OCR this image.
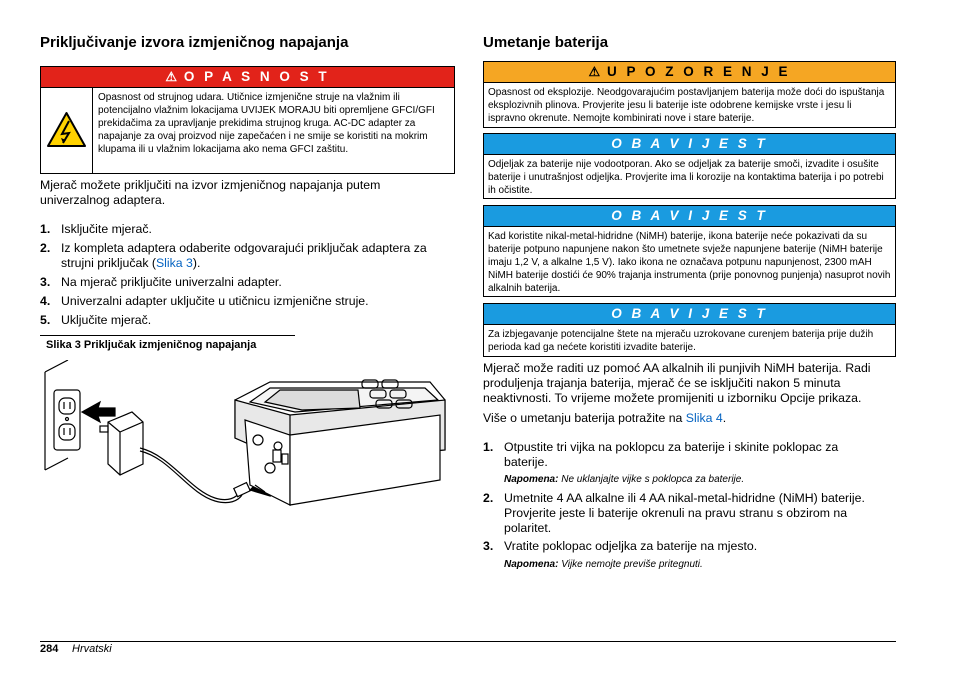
Priključivanje izvora izmjeničnog napajanja
⚠ O P A S N O S T

Opasnost od strujnog udara. Utičnice izmjenične struje na vlažnim ili potencijalno vlažnim lokacijama UVIJEK MORAJU biti opremljene GFCI/GFI prekidačima za upravljanje prekidima strujnog kruga. AC-DC adapter za napajanje za ovaj proizvod nije zapečaćen i ne smije se koristiti na mokrim klupama ili u vlažnim lokacijama ako nema GFCI zaštitu.

Mjerač možete priključiti na izvor izmjeničnog napajanja putem univerzalnog adaptera.

1. Isključite mjerač.
2. Iz kompleta adaptera odaberite odgovarajući priključak adaptera za strujni priključak (Slika 3).
3. Na mjerač priključite univerzalni adapter.
4. Univerzalni adapter uključite u utičnicu izmjenične struje.
5. Uključite mjerač.
Slika 3 Priključak izmjeničnog napajanja
Umetanje baterija
⚠ U P O Z O R E N J E

Opasnost od eksplozije. Neodgovarajućim postavljanjem baterija može doći do ispuštanja eksplozivnih plinova. Provjerite jesu li baterije iste odobrene kemijske vrste i jesu li ispravno okrenute. Nemojte kombinirati nove i stare baterije.

O B A V I J E S T

Odjeljak za baterije nije vodootporan. Ako se odjeljak za baterije smoči, izvadite i osušite baterije i unutrašnjost odjeljka. Provjerite ima li korozije na kontaktima baterija i po potrebi ih očistite.

O B A V I J E S T

Kad koristite nikal-metal-hidridne (NiMH) baterije, ikona baterije neće pokazivati da su baterije potpuno napunjene nakon što umetnete svježe napunjene baterije (NiMH baterije imaju 1,2 V, a alkalne 1,5 V). Iako ikona ne označava potpunu napunjenost, 2300 mAH NiMH baterije dostići će 90% trajanja instrumenta (prije ponovnog punjenja) nasuprot novih alkalnih baterija.

O B A V I J E S T

Za izbjegavanje potencijalne štete na mjeraču uzrokovane curenjem baterija prije dužih perioda kad ga nećete koristiti izvadite baterije.

Mjerač može raditi uz pomoć AA alkalnih ili punjivih NiMH baterija. Radi produljenja trajanja baterija, mjerač će se isključiti nakon 5 minuta neaktivnosti. To vrijeme možete promijeniti u izborniku Opcije prikaza.

Više o umetanju baterija potražite na Slika 4.

1. Otpustite tri vijka na poklopcu za baterije i skinite poklopac za baterije.

Napomena: Ne uklanjajte vijke s poklopca za baterije.

2. Umetnite 4 AA alkalne ili 4 AA nikal-metal-hidridne (NiMH) baterije. Provjerite jeste li baterije okrenuli na pravu stranu s obzirom na polaritet.
3. Vratite poklopac odjeljka za baterije na mjesto.

Napomena: Vijke nemojte previše pritegnuti.

284 Hrvatski
